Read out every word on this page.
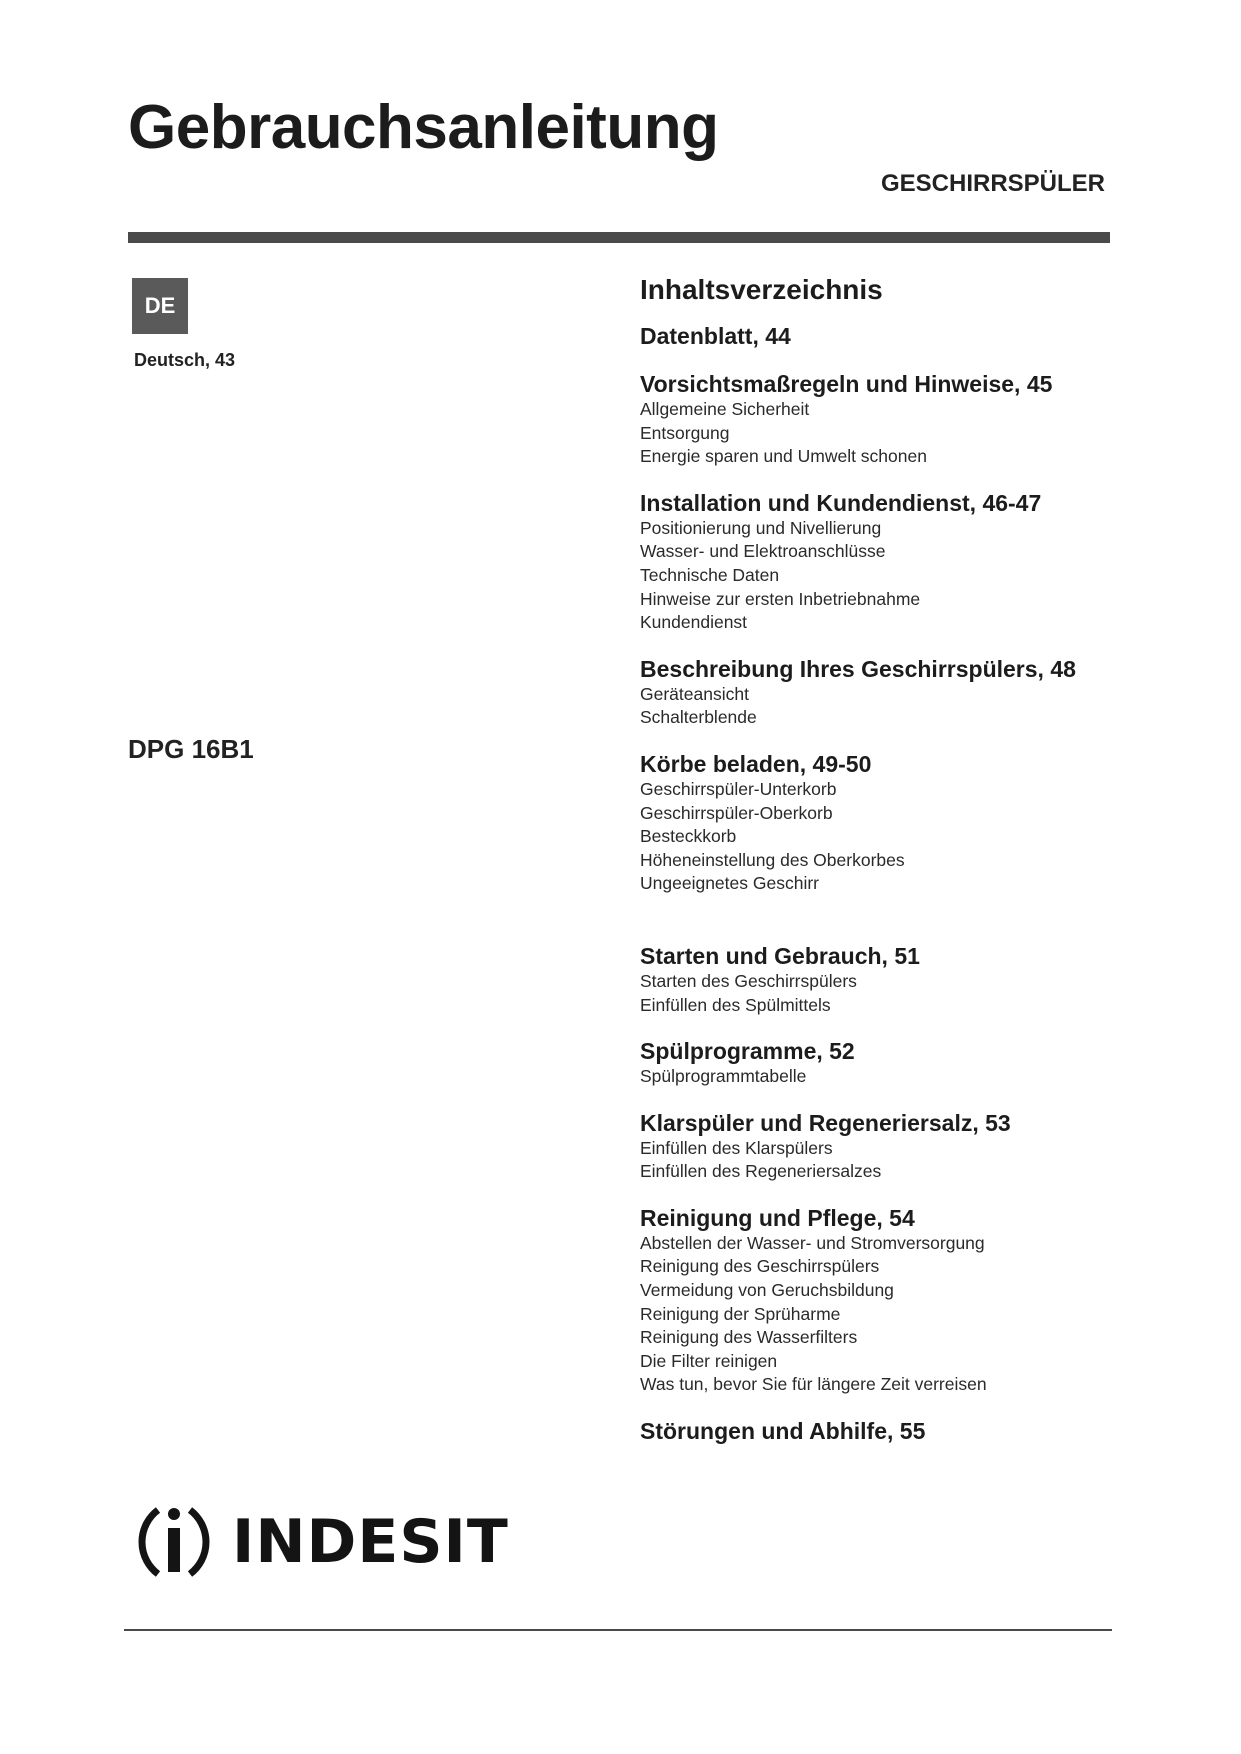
Gebrauchsanleitung
GESCHIRRSPÜLER
DE
Deutsch, 43
DPG 16B1
Inhaltsverzeichnis
Datenblatt, 44
Vorsichtsmaßregeln und Hinweise, 45
Allgemeine Sicherheit
Entsorgung
Energie sparen und Umwelt schonen
Installation und Kundendienst, 46-47
Positionierung und Nivellierung
Wasser- und Elektroanschlüsse
Technische Daten
Hinweise zur ersten Inbetriebnahme
Kundendienst
Beschreibung Ihres Geschirrspülers, 48
Geräteansicht
Schalterblende
Körbe beladen, 49-50
Geschirrspüler-Unterkorb
Geschirrspüler-Oberkorb
Besteckkorb
Höheneinstellung des Oberkorbes
Ungeeignetes Geschirr
Starten und Gebrauch, 51
Starten des Geschirrspülers
Einfüllen des Spülmittels
Spülprogramme, 52
Spülprogrammtabelle
Klarspüler und Regeneriersalz, 53
Einfüllen des Klarspülers
Einfüllen des Regeneriersalzes
Reinigung und Pflege, 54
Abstellen der Wasser- und Stromversorgung
Reinigung des Geschirrspülers
Vermeidung von Geruchsbildung
Reinigung der Sprüharme
Reinigung des Wasserfilters
Die Filter reinigen
Was tun, bevor Sie für längere Zeit verreisen
Störungen und Abhilfe, 55
INDESIT
